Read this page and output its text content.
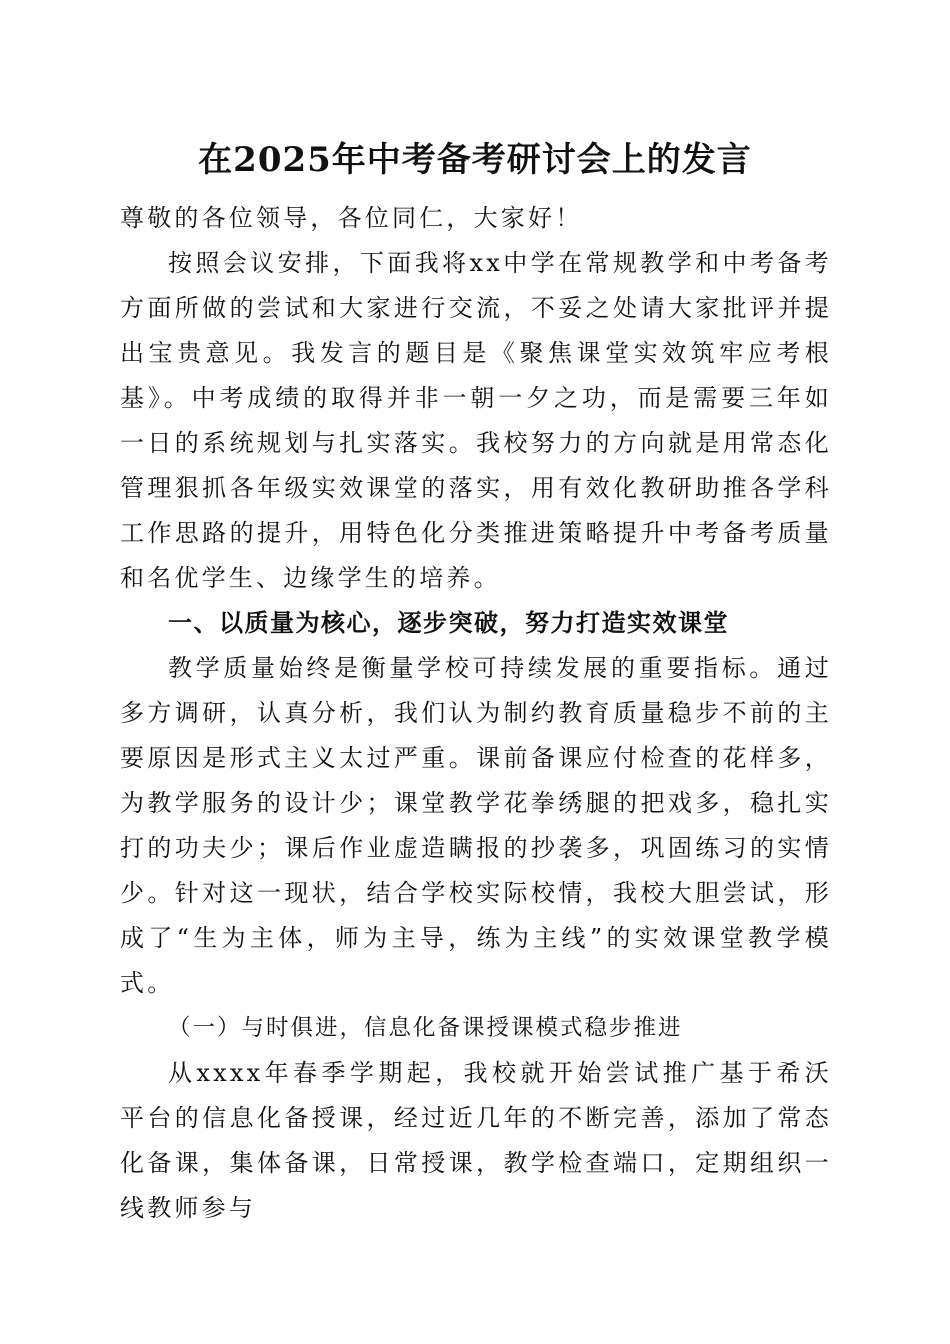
在2025年中考备考研讨会上的发言

尊敬的各位领导，各位同仁，大家好！

按照会议安排，下面我将xx中学在常规教学和中考备考方面所做的尝试和大家进行交流，不妥之处请大家批评并提出宝贵意见。我发言的题目是《聚焦课堂实效筑牢应考根基》。中考成绩的取得并非一朝一夕之功，而是需要三年如一日的系统规划与扎实落实。我校努力的方向就是用常态化管理狠抓各年级实效课堂的落实，用有效化教研助推各学科工作思路的提升，用特色化分类推进策略提升中考备考质量和名优学生、边缘学生的培养。

一、以质量为核心，逐步突破，努力打造实效课堂

教学质量始终是衡量学校可持续发展的重要指标。通过多方调研，认真分析，我们认为制约教育质量稳步不前的主要原因是形式主义太过严重。课前备课应付检查的花样多，为教学服务的设计少；课堂教学花拳绣腿的把戏多，稳扎实打的功夫少；课后作业虚造瞒报的抄袭多，巩固练习的实情少。针对这一现状，结合学校实际校情，我校大胆尝试，形成了“生为主体，师为主导，练为主线”的实效课堂教学模式。

（一）与时俱进，信息化备课授课模式稳步推进

从xxxx年春季学期起，我校就开始尝试推广基于希沃平台的信息化备授课，经过近几年的不断完善，添加了常态化备课，集体备课，日常授课，教学检查端口，定期组织一线教师参与
